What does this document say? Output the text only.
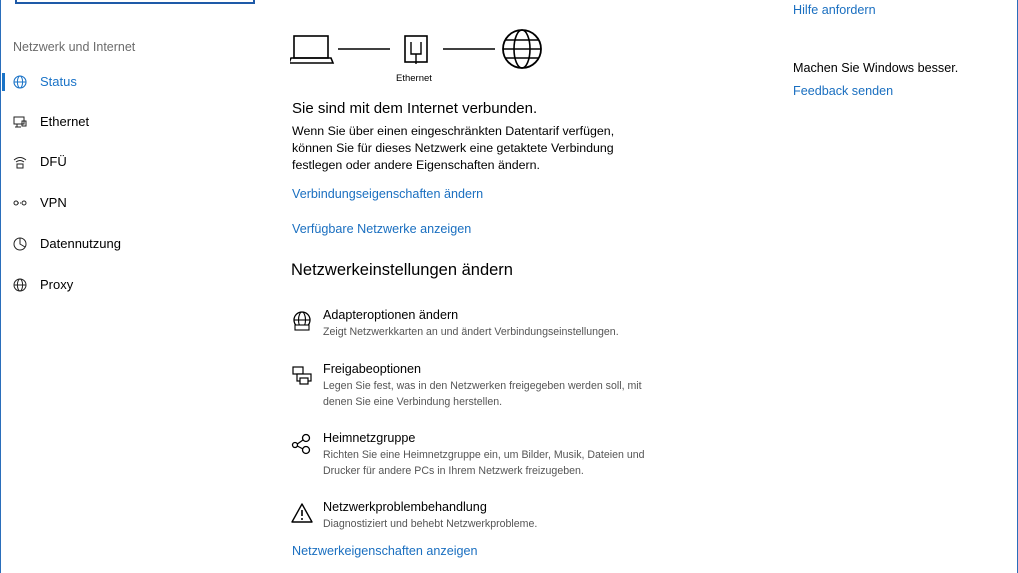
Netzwerk und Internet
Status
Ethernet
DFÜ
VPN
Datennutzung
Proxy
Ethernet
Sie sind mit dem Internet verbunden.
Wenn Sie über einen eingeschränkten Datentarif verfügen, können Sie für dieses Netzwerk eine getaktete Verbindung festlegen oder andere Eigenschaften ändern.
Verbindungseigenschaften ändern
Verfügbare Netzwerke anzeigen
Netzwerkeinstellungen ändern
Adapteroptionen ändern
Zeigt Netzwerkkarten an und ändert Verbindungseinstellungen.
Freigabeoptionen
Legen Sie fest, was in den Netzwerken freigegeben werden soll, mit denen Sie eine Verbindung herstellen.
Heimnetzgruppe
Richten Sie eine Heimnetzgruppe ein, um Bilder, Musik, Dateien und Drucker für andere PCs in Ihrem Netzwerk freizugeben.
Netzwerkproblembehandlung
Diagnostiziert und behebt Netzwerkprobleme.
Netzwerkeigenschaften anzeigen
Hilfe anfordern
Machen Sie Windows besser.
Feedback senden
